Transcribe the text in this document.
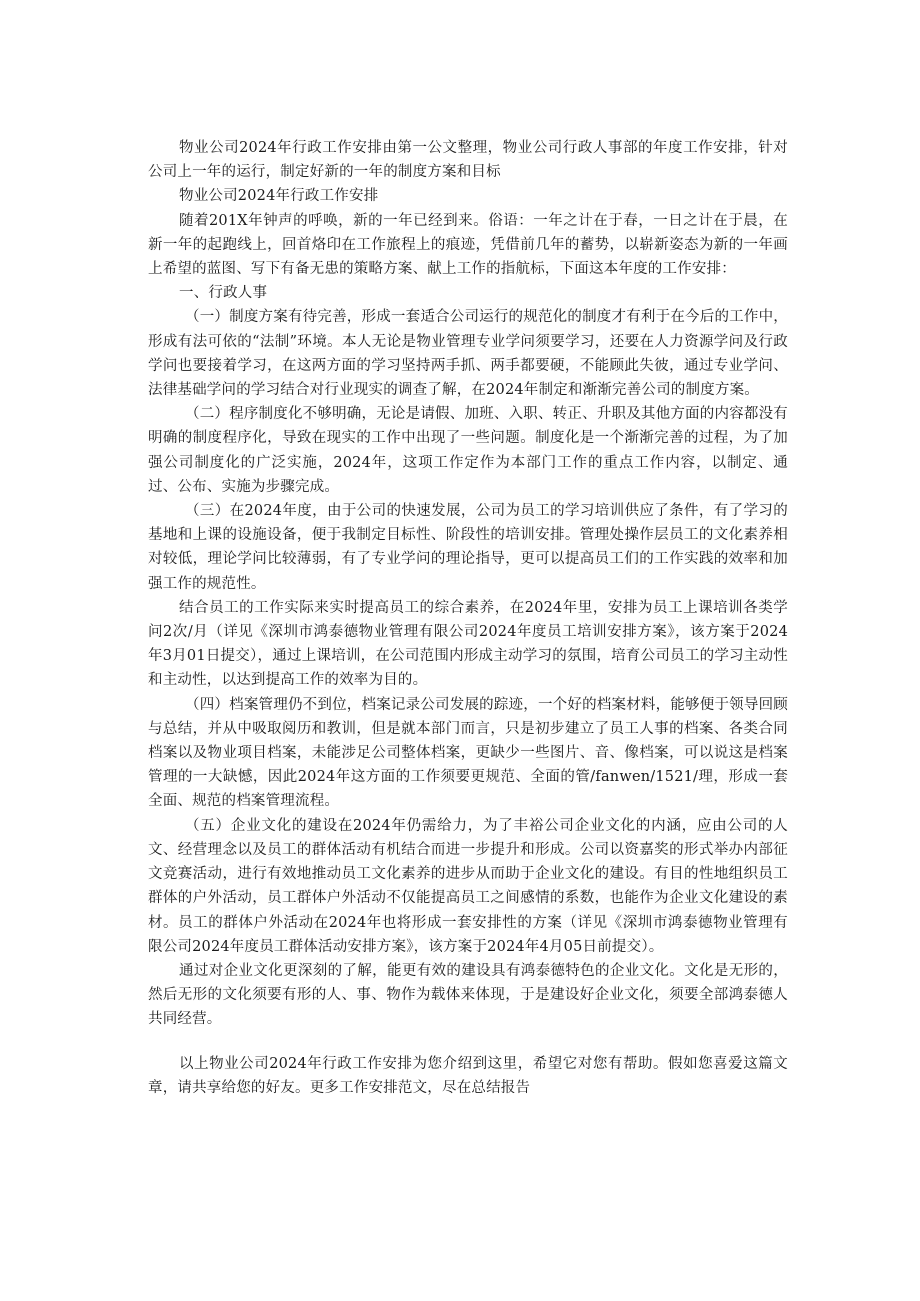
物业公司2024年行政工作安排由第一公文整理，物业公司行政人事部的年度工作安排，针对公司上一年的运行，制定好新的一年的制度方案和目标

物业公司2024年行政工作安排

随着201X年钟声的呼唤，新的一年已经到来。俗语：一年之计在于春，一日之计在于晨，在新一年的起跑线上，回首烙印在工作旅程上的痕迹，凭借前几年的蓄势，以崭新姿态为新的一年画上希望的蓝图、写下有备无患的策略方案、献上工作的指航标，下面这本年度的工作安排：

一、行政人事

（一）制度方案有待完善，形成一套适合公司运行的规范化的制度才有利于在今后的工作中，形成有法可依的“法制”环境。本人无论是物业管理专业学问须要学习，还要在人力资源学问及行政学问也要接着学习，在这两方面的学习坚持两手抓、两手都要硬，不能顾此失彼，通过专业学问、法律基础学问的学习结合对行业现实的调查了解，在2024年制定和渐渐完善公司的制度方案。

（二）程序制度化不够明确，无论是请假、加班、入职、转正、升职及其他方面的内容都没有明确的制度程序化，导致在现实的工作中出现了一些问题。制度化是一个渐渐完善的过程，为了加强公司制度化的广泛实施，2024年，这项工作定作为本部门工作的重点工作内容，以制定、通过、公布、实施为步骤完成。

（三）在2024年度，由于公司的快速发展，公司为员工的学习培训供应了条件，有了学习的基地和上课的设施设备，便于我制定目标性、阶段性的培训安排。管理处操作层员工的文化素养相对较低，理论学问比较薄弱，有了专业学问的理论指导，更可以提高员工们的工作实践的效率和加强工作的规范性。

结合员工的工作实际来实时提高员工的综合素养，在2024年里，安排为员工上课培训各类学问2次/月（详见《深圳市鸿泰德物业管理有限公司2024年度员工培训安排方案》，该方案于2024年3月01日提交），通过上课培训，在公司范围内形成主动学习的氛围，培育公司员工的学习主动性和主动性，以达到提高工作的效率为目的。

（四）档案管理仍不到位，档案记录公司发展的踪迹，一个好的档案材料，能够便于领导回顾与总结，并从中吸取阅历和教训，但是就本部门而言，只是初步建立了员工人事的档案、各类合同档案以及物业项目档案，未能涉足公司整体档案，更缺少一些图片、音、像档案，可以说这是档案管理的一大缺憾，因此2024年这方面的工作须要更规范、全面的管/fanwen/1521/理，形成一套全面、规范的档案管理流程。

（五）企业文化的建设在2024年仍需给力，为了丰裕公司企业文化的内涵，应由公司的人文、经营理念以及员工的群体活动有机结合而进一步提升和形成。公司以资嘉奖的形式举办内部征文竞赛活动，进行有效地推动员工文化素养的进步从而助于企业文化的建设。有目的性地组织员工群体的户外活动，员工群体户外活动不仅能提高员工之间感情的系数，也能作为企业文化建设的素材。员工的群体户外活动在2024年也将形成一套安排性的方案（详见《深圳市鸿泰德物业管理有限公司2024年度员工群体活动安排方案》，该方案于2024年4月05日前提交）。

通过对企业文化更深刻的了解，能更有效的建设具有鸿泰德特色的企业文化。文化是无形的，然后无形的文化须要有形的人、事、物作为载体来体现，于是建设好企业文化，须要全部鸿泰德人共同经营。

以上物业公司2024年行政工作安排为您介绍到这里，希望它对您有帮助。假如您喜爱这篇文章，请共享给您的好友。更多工作安排范文，尽在总结报告
